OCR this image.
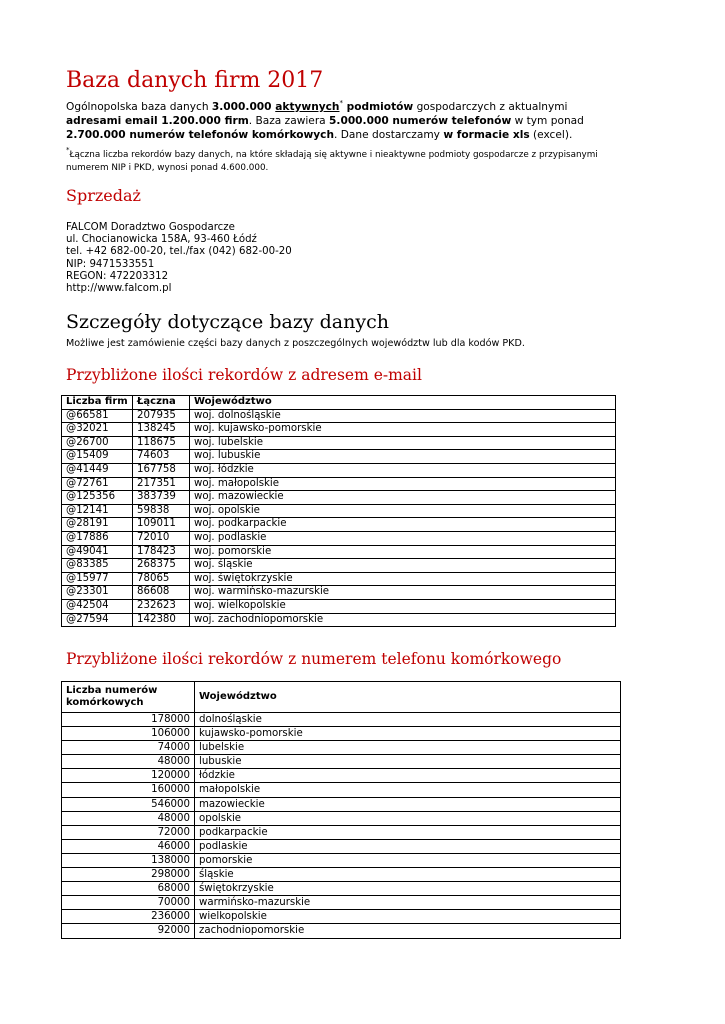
Baza danych firm 2017

Ogólnopolska baza danych 3.000.000 aktywnych* podmiotów gospodarczych z aktualnymi adresami email 1.200.000 firm. Baza zawiera 5.000.000 numerów telefonów w tym ponad 2.700.000 numerów telefonów komórkowych. Dane dostarczamy w formacie xls (excel).

*Łączna liczba rekordów bazy danych, na które składają się aktywne i nieaktywne podmioty gospodarcze z przypisanymi numerem NIP i PKD, wynosi ponad 4.600.000.

Sprzedaż
FALCOM Doradztwo Gospodarcze
ul. Chocianowicka 158A, 93-460 Łódź
tel. +42 682-00-20, tel./fax (042) 682-00-20
NIP: 9471533551
REGON: 472203312
http://www.falcom.pl
Szczegóły dotyczące bazy danych

Możliwe jest zamówienie części bazy danych z poszczególnych województw lub dla kodów PKD.

Przybliżone ilości rekordów z adresem e-mail
Liczba firm	Łączna	Województwo
@66581	207935	woj. dolnośląskie
@32021	138245	woj. kujawsko-pomorskie
@26700	118675	woj. lubelskie
@15409	74603	woj. lubuskie
@41449	167758	woj. łódzkie
@72761	217351	woj. małopolskie
@125356	383739	woj. mazowieckie
@12141	59838	woj. opolskie
@28191	109011	woj. podkarpackie
@17886	72010	woj. podlaskie
@49041	178423	woj. pomorskie
@83385	268375	woj. śląskie
@15977	78065	woj. świętokrzyskie
@23301	86608	woj. warmińsko-mazurskie
@42504	232623	woj. wielkopolskie
@27594	142380	woj. zachodniopomorskie
Przybliżone ilości rekordów z numerem telefonu komórkowego
Liczba numerów komórkowych	Województwo
178000	dolnośląskie
106000	kujawsko-pomorskie
74000	lubelskie
48000	lubuskie
120000	łódzkie
160000	małopolskie
546000	mazowieckie
48000	opolskie
72000	podkarpackie
46000	podlaskie
138000	pomorskie
298000	śląskie
68000	świętokrzyskie
70000	warmińsko-mazurskie
236000	wielkopolskie
92000	zachodniopomorskie
